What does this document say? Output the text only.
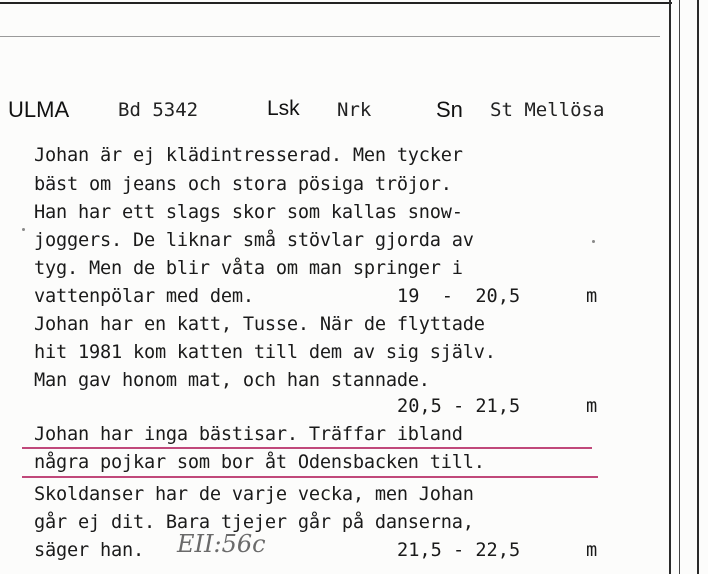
ULMA	Bd 5342	Lsk Nrk	Sn St Mellösa
Johan är ej klädintresserad. Men tycker
bäst om jeans och stora pösiga tröjor.
Han har ett slags skor som kallas snow-
joggers. De liknar små stövlar gjorda av
tyg. Men de blir våta om man springer i
vattenpölar med dem.	19  -  20,5	m
Johan har en katt, Tusse. När de flyttade
hit 1981 kom katten till dem av sig själv.
Man gav honom mat, och han stannade.
20,5 - 21,5	m
Johan har inga bästisar. Träffar ibland
några pojkar som bor åt Odensbacken till.
Skoldanser har de varje vecka, men Johan
går ej dit. Bara tjejer går på danserna,
säger han. EII:56c	21,5 - 22,5	m
